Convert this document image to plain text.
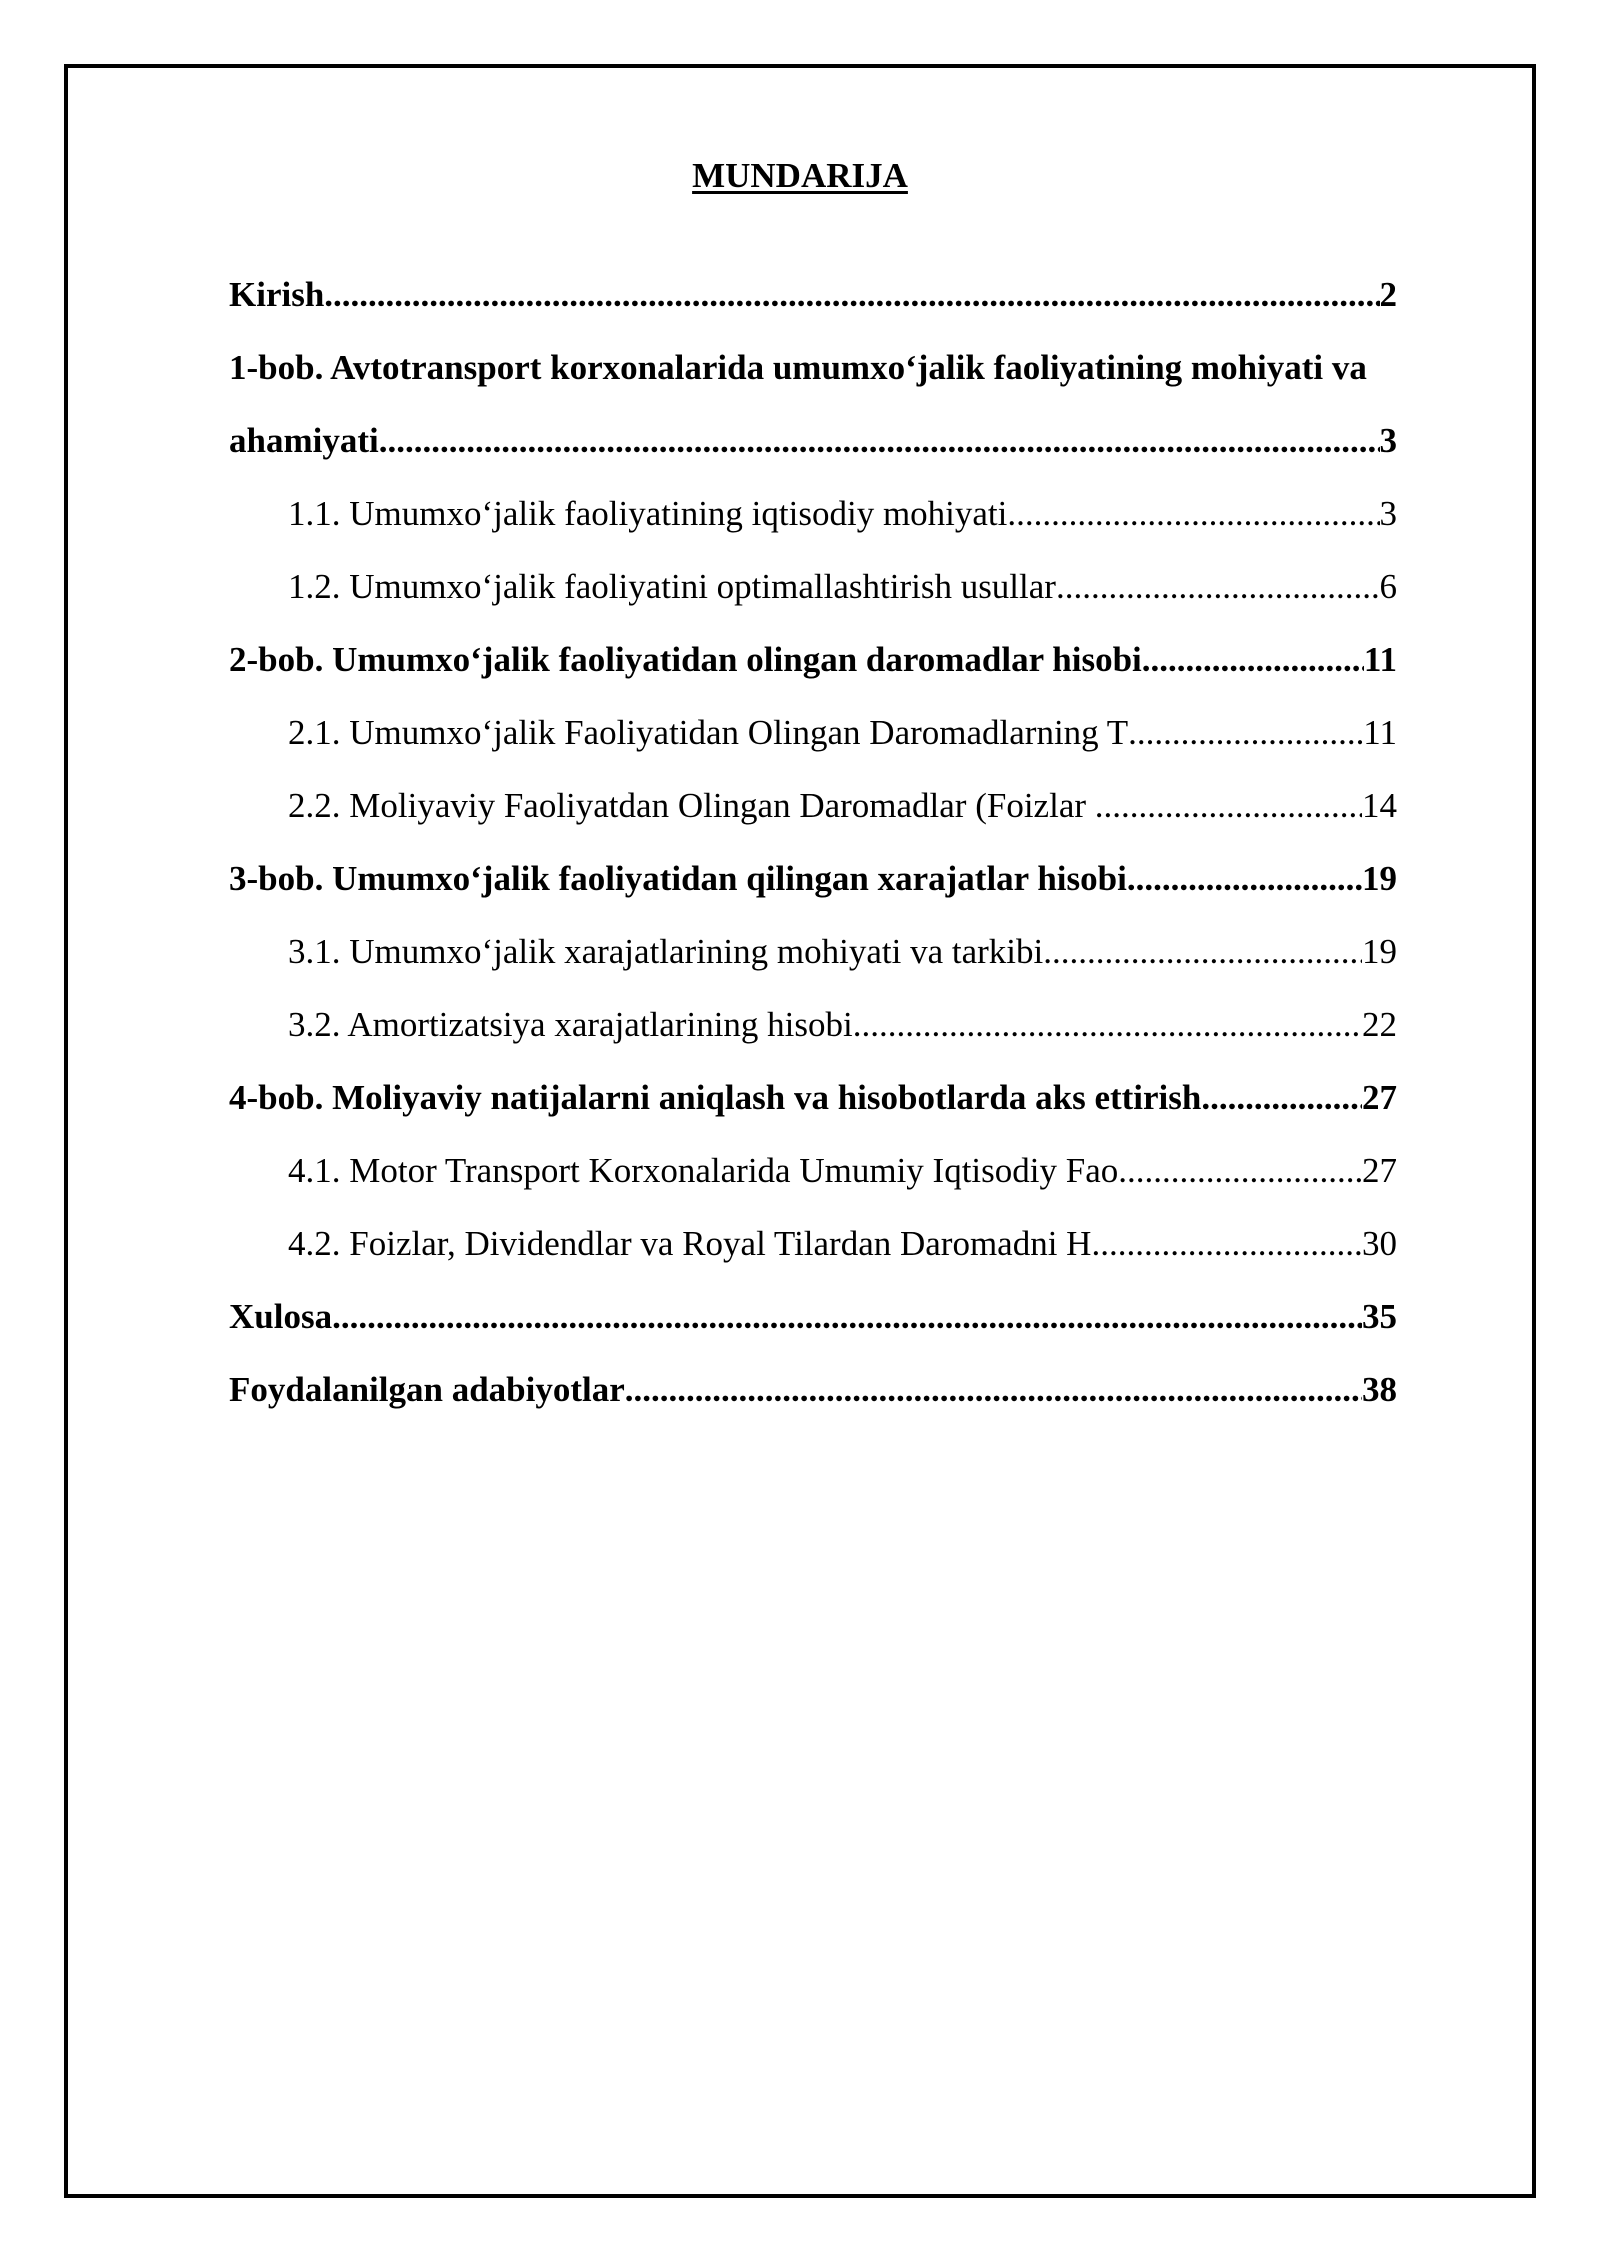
MUNDARIJA
Kirish .....	2
1-bob. Avtotransport korxonalarida umumxo‘jalik faoliyatining mohiyati va
ahamiyati .....	3
1.1. Umumxo‘jalik faoliyatining iqtisodiy mohiyati .....	3
1.2. Umumxo‘jalik faoliyatini optimallashtirish usullar .....	6
2-bob. Umumxo‘jalik faoliyatidan olingan daromadlar hisobi .....	11
2.1. Umumxo‘jalik Faoliyatidan Olingan Daromadlarning T .....	11
2.2. Moliyaviy Faoliyatdan Olingan Daromadlar (Foizlar .....	14
3-bob. Umumxo‘jalik faoliyatidan qilingan xarajatlar hisobi .....	19
3.1. Umumxo‘jalik xarajatlarining mohiyati va tarkibi .....	19
3.2. Amortizatsiya xarajatlarining hisobi .....	22
4-bob. Moliyaviy natijalarni aniqlash va hisobotlarda aks ettirish .....	27
4.1. Motor Transport Korxonalarida Umumiy Iqtisodiy Fao .....	27
4.2. Foizlar, Dividendlar va Royal Tilardan Daromadni H .....	30
Xulosa .....	35
Foydalanilgan adabiyotlar .....	38
